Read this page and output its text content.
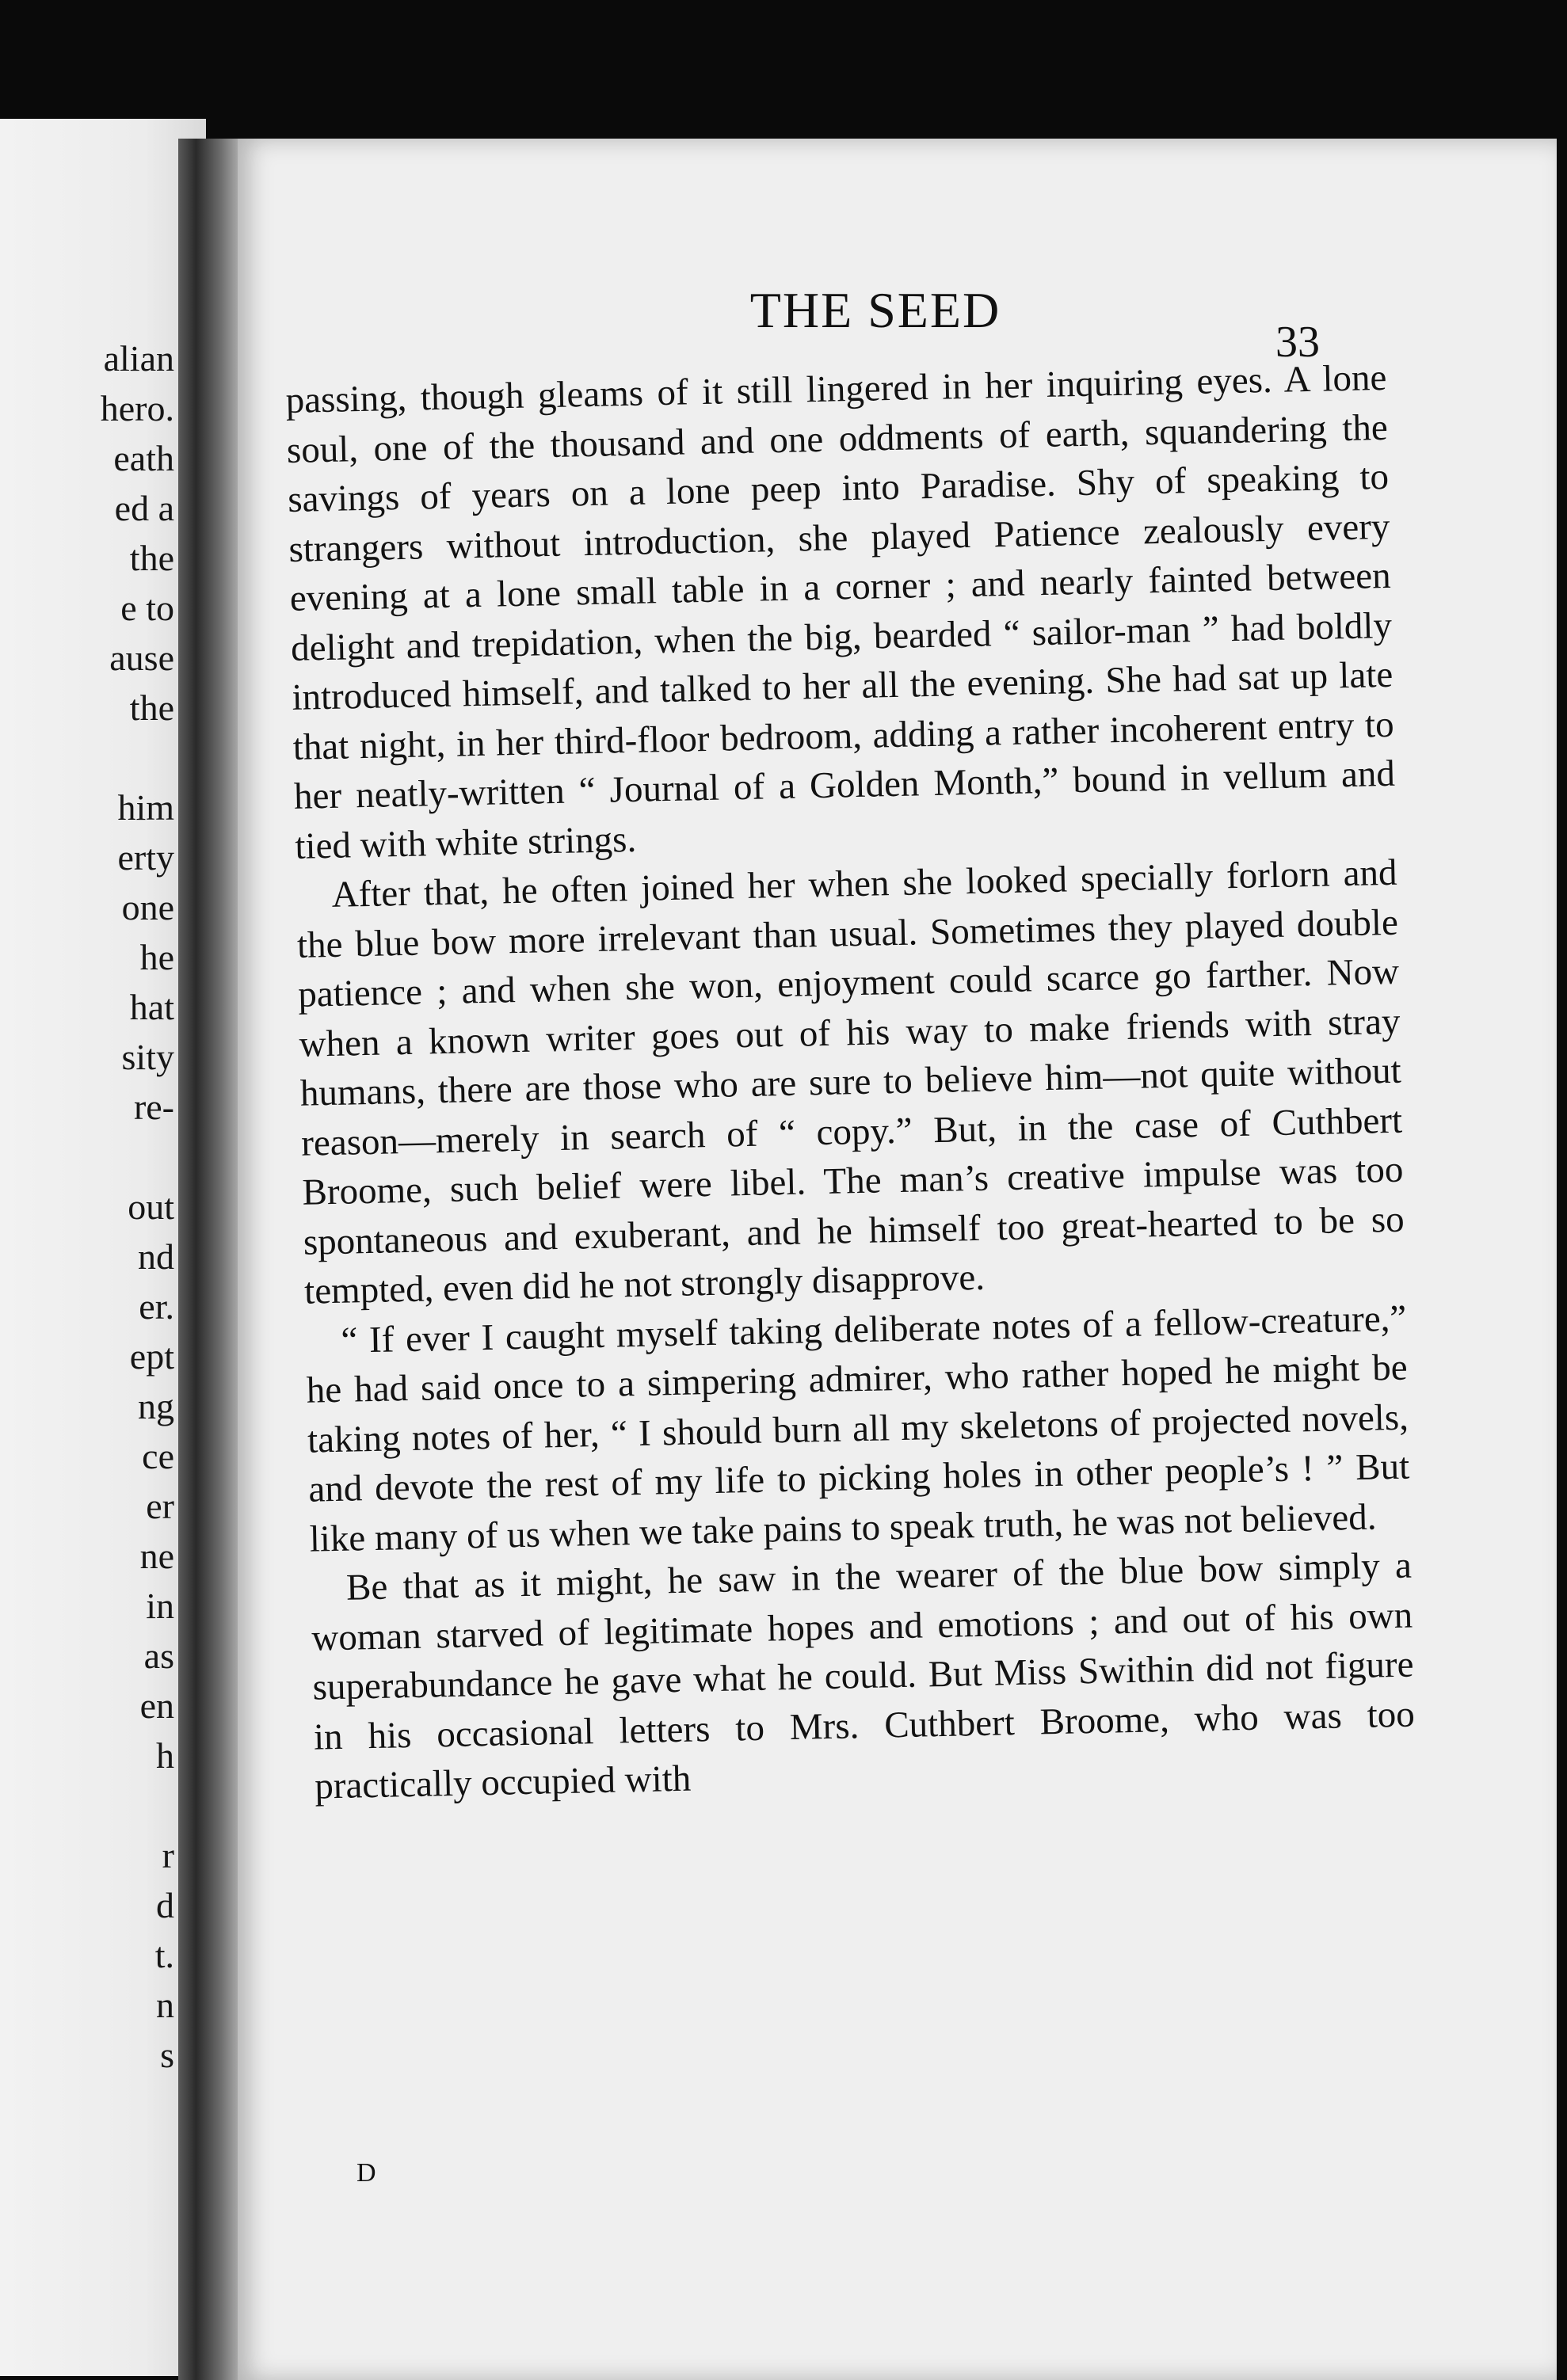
alian
hero.
eath
ed a
the
e to
ause
the
him
erty
one
he
hat
sity
re-
out
nd
er.
ept
ng
ce
er
ne
in
as
en
h
r
d
t.
n
s
THE SEED
33

passing, though gleams of it still lingered in her inquiring eyes. A lone soul, one of the thousand and one oddments of earth, squandering the savings of years on a lone peep into Paradise. Shy of speaking to strangers without introduction, she played Patience zealously every evening at a lone small table in a corner ; and nearly fainted between delight and trepidation, when the big, bearded “ sailor-man ” had boldly introduced himself, and talked to her all the evening. She had sat up late that night, in her third-floor bedroom, adding a rather incoherent entry to her neatly-written “ Journal of a Golden Month,” bound in vellum and tied with white strings.

After that, he often joined her when she looked specially forlorn and the blue bow more irrelevant than usual. Sometimes they played double patience ; and when she won, enjoyment could scarce go farther. Now when a known writer goes out of his way to make friends with stray humans, there are those who are sure to believe him—not quite without reason—merely in search of “ copy.” But, in the case of Cuthbert Broome, such belief were libel. The man’s creative impulse was too spontaneous and exuberant, and he himself too great-hearted to be so tempted, even did he not strongly disapprove.

“ If ever I caught myself taking deliberate notes of a fellow-creature,” he had said once to a simpering admirer, who rather hoped he might be taking notes of her, “ I should burn all my skeletons of projected novels, and devote the rest of my life to picking holes in other people’s ! ” But like many of us when we take pains to speak truth, he was not believed.

Be that as it might, he saw in the wearer of the blue bow simply a woman starved of legitimate hopes and emotions ; and out of his own superabundance he gave what he could. But Miss Swithin did not figure in his occasional letters to Mrs. Cuthbert Broome, who was too practically occupied with

D
